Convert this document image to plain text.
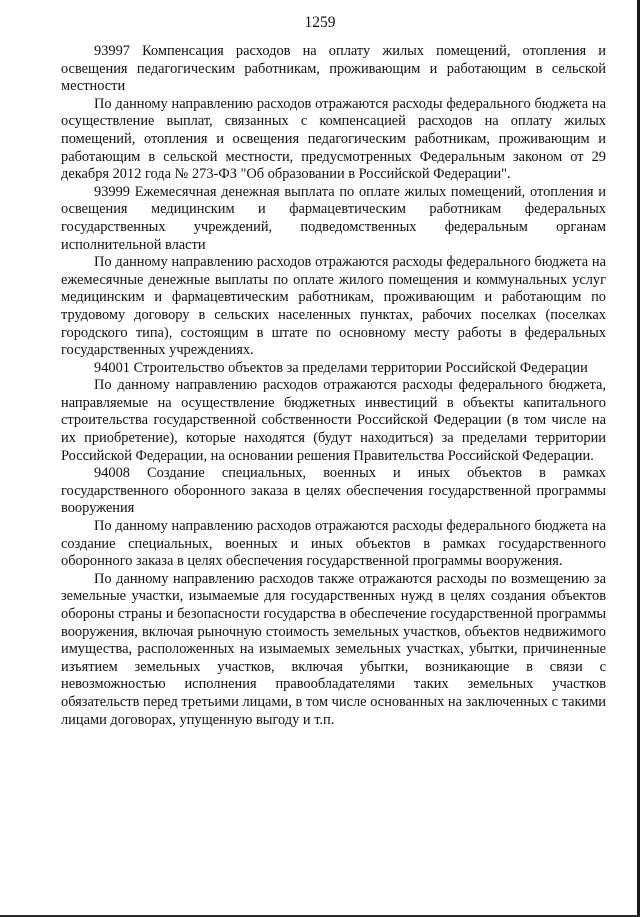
1259

93997 Компенсация расходов на оплату жилых помещений, отопления и освещения педагогическим работникам, проживающим и работающим в сельской местности

По данному направлению расходов отражаются расходы федерального бюджета на осуществление выплат, связанных с компенсацией расходов на оплату жилых помещений, отопления и освещения педагогическим работникам, проживающим и работающим в сельской местности, предусмотренных Федеральным законом от 29 декабря 2012 года № 273-ФЗ "Об образовании в Российской Федерации".

93999 Ежемесячная денежная выплата по оплате жилых помещений, отопления и освещения медицинским и фармацевтическим работникам федеральных государственных учреждений, подведомственных федеральным органам исполнительной власти

По данному направлению расходов отражаются расходы федерального бюджета на ежемесячные денежные выплаты по оплате жилого помещения и коммунальных услуг медицинским и фармацевтическим работникам, проживающим и работающим по трудовому договору в сельских населенных пунктах, рабочих поселках (поселках городского типа), состоящим в штате по основному месту работы в федеральных государственных учреждениях.

94001 Строительство объектов за пределами территории Российской Федерации

По данному направлению расходов отражаются расходы федерального бюджета, направляемые на осуществление бюджетных инвестиций в объекты капитального строительства государственной собственности Российской Федерации (в том числе на их приобретение), которые находятся (будут находиться) за пределами территории Российской Федерации, на основании решения Правительства Российской Федерации.

94008 Создание специальных, военных и иных объектов в рамках государственного оборонного заказа в целях обеспечения государственной программы вооружения

По данному направлению расходов отражаются расходы федерального бюджета на создание специальных, военных и иных объектов в рамках государственного оборонного заказа в целях обеспечения государственной программы вооружения.

По данному направлению расходов также отражаются расходы по возмещению за земельные участки, изымаемые для государственных нужд в целях создания объектов обороны страны и безопасности государства в обеспечение государственной программы вооружения, включая рыночную стоимость земельных участков, объектов недвижимого имущества, расположенных на изымаемых земельных участках, убытки, причиненные изъятием земельных участков, включая убытки, возникающие в связи с невозможностью исполнения правообладателями таких земельных участков обязательств перед третьими лицами, в том числе основанных на заключенных с такими лицами договорах, упущенную выгоду и т.п.
